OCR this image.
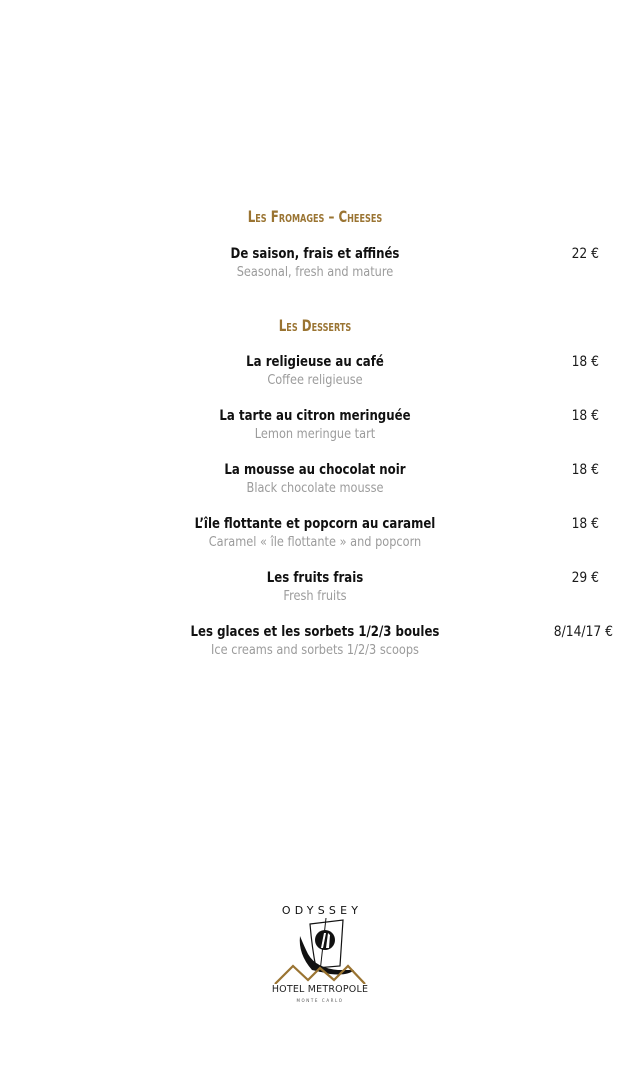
Les Fromages – Cheeses
De saison, frais et affinés
Seasonal, fresh and mature
22 €
Les Desserts
La religieuse au café
Coffee religieuse
18 €
La tarte au citron meringuée
Lemon meringue tart
18 €
La mousse au chocolat noir
Black chocolate mousse
18 €
L’île flottante et popcorn au caramel
Caramel « île flottante » and popcorn
18 €
Les fruits frais
Fresh fruits
29 €
Les glaces et les sorbets 1/2/3 boules
Ice creams and sorbets 1/2/3 scoops
8/14/17 €
ODYSSEY
HOTEL METROPOLE
MONTE CARLO
